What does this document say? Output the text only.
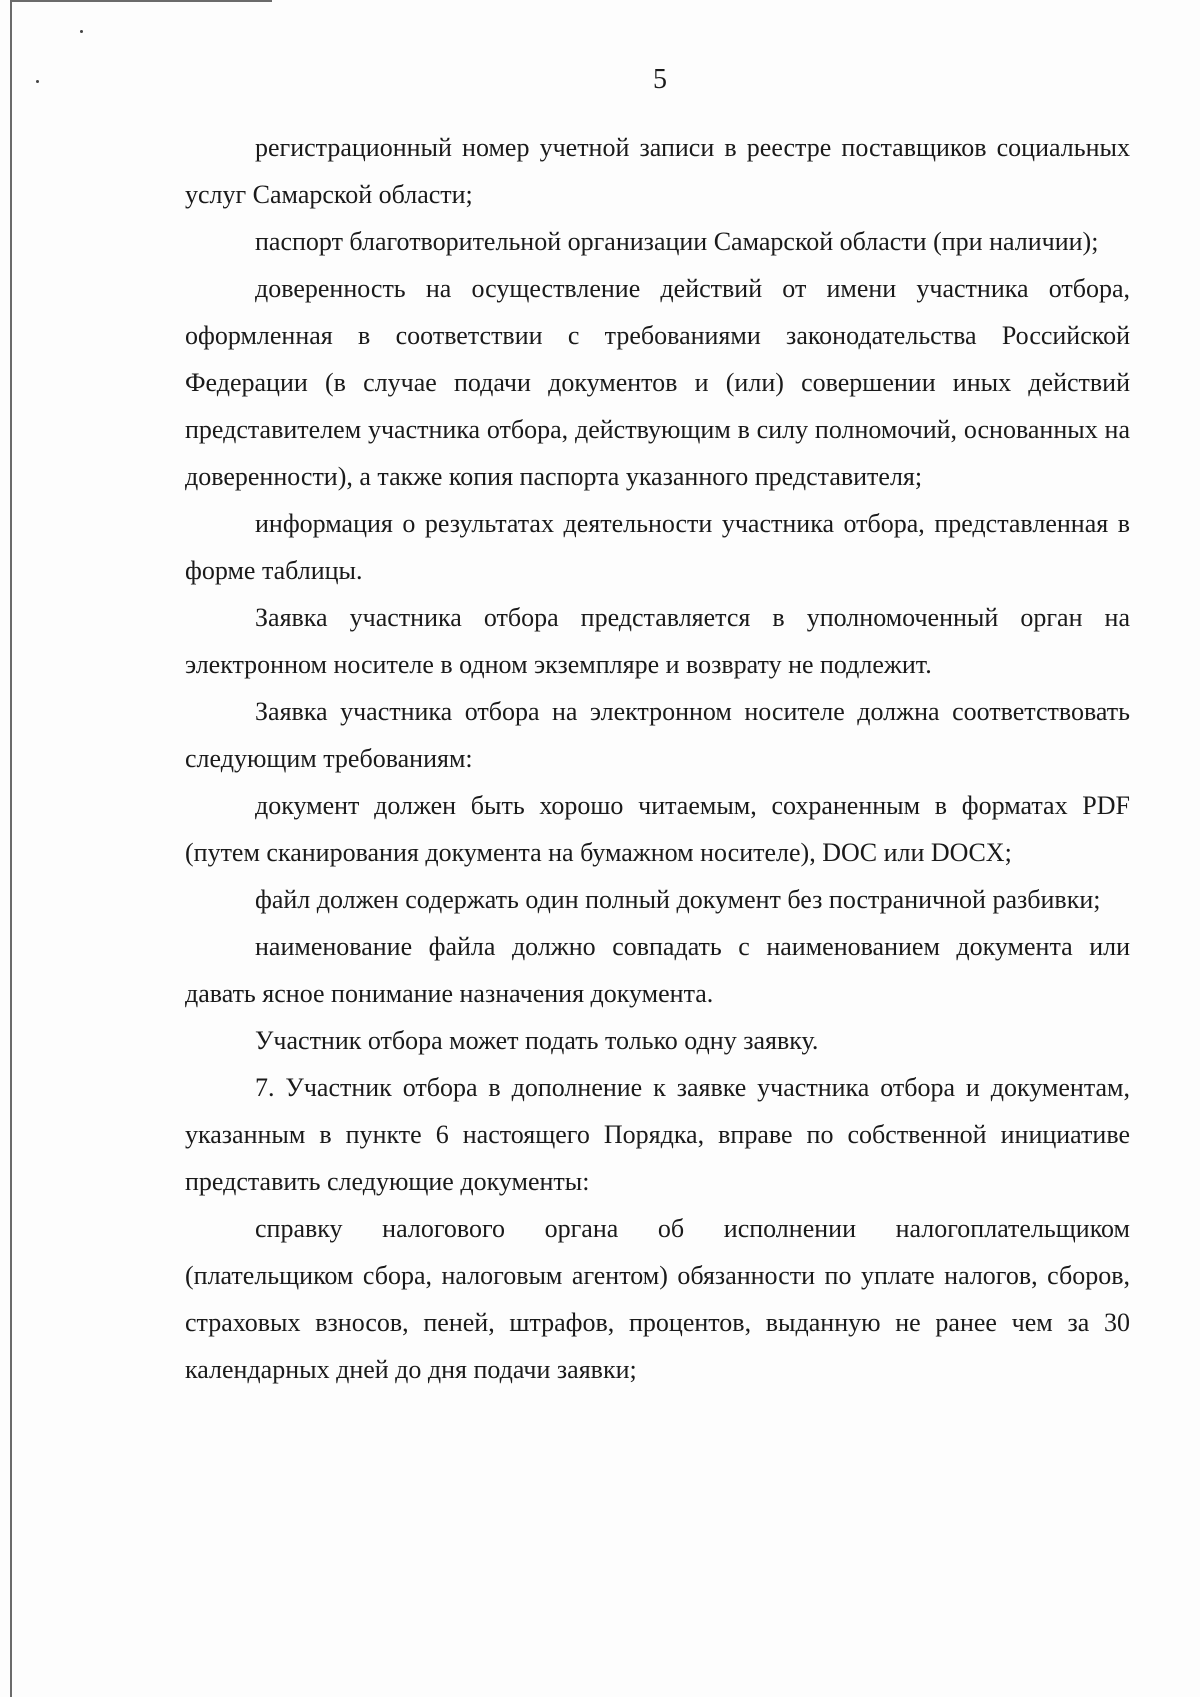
5

регистрационный номер учетной записи в реестре поставщиков социальных услуг Самарской области;

паспорт благотворительной организации Самарской области (при наличии);

доверенность на осуществление действий от имени участника отбора, оформленная в соответствии с требованиями законодательства Российской Федерации (в случае подачи документов и (или) совершении иных действий представителем участника отбора, действующим в силу полномочий, основанных на доверенности), а также копия паспорта указанного представителя;

информация о результатах деятельности участника отбора, представленная в форме таблицы.

Заявка участника отбора представляется в уполномоченный орган на электронном носителе в одном экземпляре и возврату не подлежит.

Заявка участника отбора на электронном носителе должна соответствовать следующим требованиям:

документ должен быть хорошо читаемым, сохраненным в форматах PDF (путем сканирования документа на бумажном носителе), DOC или DOCX;

файл должен содержать один полный документ без постраничной разбивки;

наименование файла должно совпадать с наименованием документа или давать ясное понимание назначения документа.

Участник отбора может подать только одну заявку.

7. Участник отбора в дополнение к заявке участника отбора и документам, указанным в пункте 6 настоящего Порядка, вправе по собственной инициативе представить следующие документы:

справку налогового органа об исполнении налогоплательщиком (плательщиком сбора, налоговым агентом) обязанности по уплате налогов, сборов, страховых взносов, пеней, штрафов, процентов, выданную не ранее чем за 30 календарных дней до дня подачи заявки;
